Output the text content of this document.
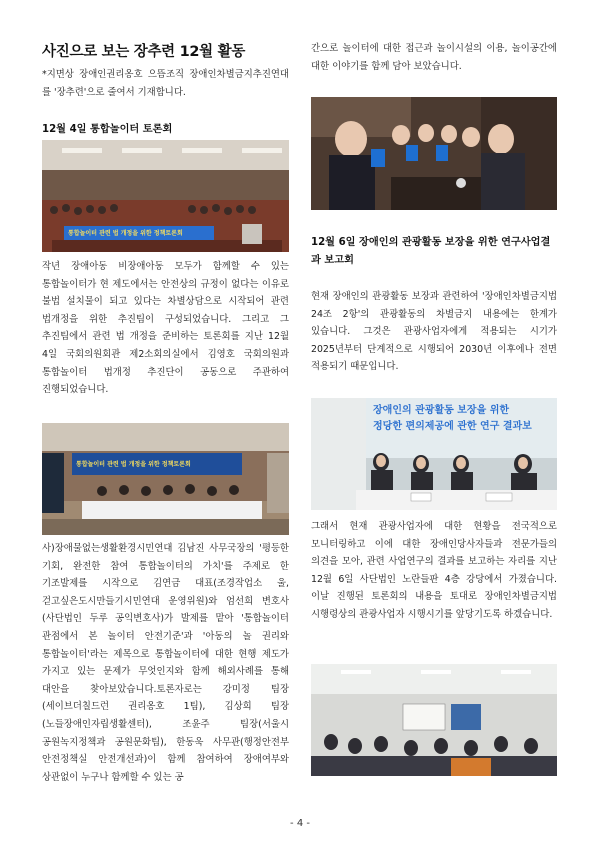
사진으로 보는 장추련 12월 활동

*지면상 장애인권리옹호 으뜸조직 장애인차별금지추진연대를 '장추련'으로 줄여서 기재합니다.

12월 4일 통합놀이터 토론회

통합놀이터 관련 법 개정을 위한 정책토론회

작년 장애아동 비장애아동 모두가 함께할 수 있는 통합놀이터가 현 제도에서는 안전상의 규정이 없다는 이유로 불법 설치물이 되고 있다는 차별상담으로 시작되어 관련 법개정을 위한 추진팀이 구성되었습니다. 그리고 그 추진팀에서 관련 법 개정을 준비하는 토론회를 지난 12월 4일 국회의원회관 제2소회의실에서 김영호 국회의원과 통합놀이터 법개정 추진단이 공동으로 주관하여 진행되었습니다.

통합놀이터 관련 법 개정을 위한 정책토론회

사)장애물없는생활환경시민연대 김남진 사무국장의 '평등한 기회, 완전한 참여 통합놀이터의 가치'를 주제로 한 기조발제를 시작으로 김연금 대표(조경작업소 울, 걷고싶은도시만들기시민연대 운영위원)와 엄선희 변호사(사단법인 두루 공익변호사)가 발제를 맡아 '통합놀이터 관점에서 본 놀이터 안전기준'과 '아동의 놀 권리와 통합놀이터'라는 제목으로 통합놀이터에 대한 현행 제도가 가지고 있는 문제가 무엇인지와 함께 해외사례를 통해 대안을 찾아보았습니다.토론자로는 강미정 팀장(세이브더칠드런 권리옹호 1팀), 김상희 팀장(노들장애인자립생활센터), 조윤주 팀장(서울시 공원녹지정책과 공원문화팀), 한동욱 사무관(행정안전부 안전정책실 안전개선과)이 함께 참여하여 장애여부와 상관없이 누구나 함께할 수 있는 공

간으로 놀이터에 대한 접근과 놀이시설의 이용, 놀이공간에 대한 이야기를 함께 담아 보았습니다.

12월 6일 장애인의 관광활동 보장을 위한 연구사업결과 보고회

현재 장애인의 관광활동 보장과 관련하여 '장애인차별금지법 24조 2항'의 관광활동의 차별금지 내용에는 한계가 있습니다. 그것은 관광사업자에게 적용되는 시기가 2025년부터 단계적으로 시행되어 2030년 이후에나 전면 적용되기 때문입니다.

장애인의 관광활동 보장을 위한
정당한 편의제공에 관한 연구 결과보

그래서 현재 관광사업자에 대한 현황을 전국적으로 모니터링하고 이에 대한 장애인당사자들과 전문가들의 의견을 모아, 관련 사업연구의 결과를 보고하는 자리를 지난 12월 6일 사단법인 노란들판 4층 강당에서 가졌습니다. 이날 진행된 토론회의 내용을 토대로 장애인차별금지법 시행령상의 관광사업자 시행시기를 앞당기도록 하겠습니다.

- 4 -
